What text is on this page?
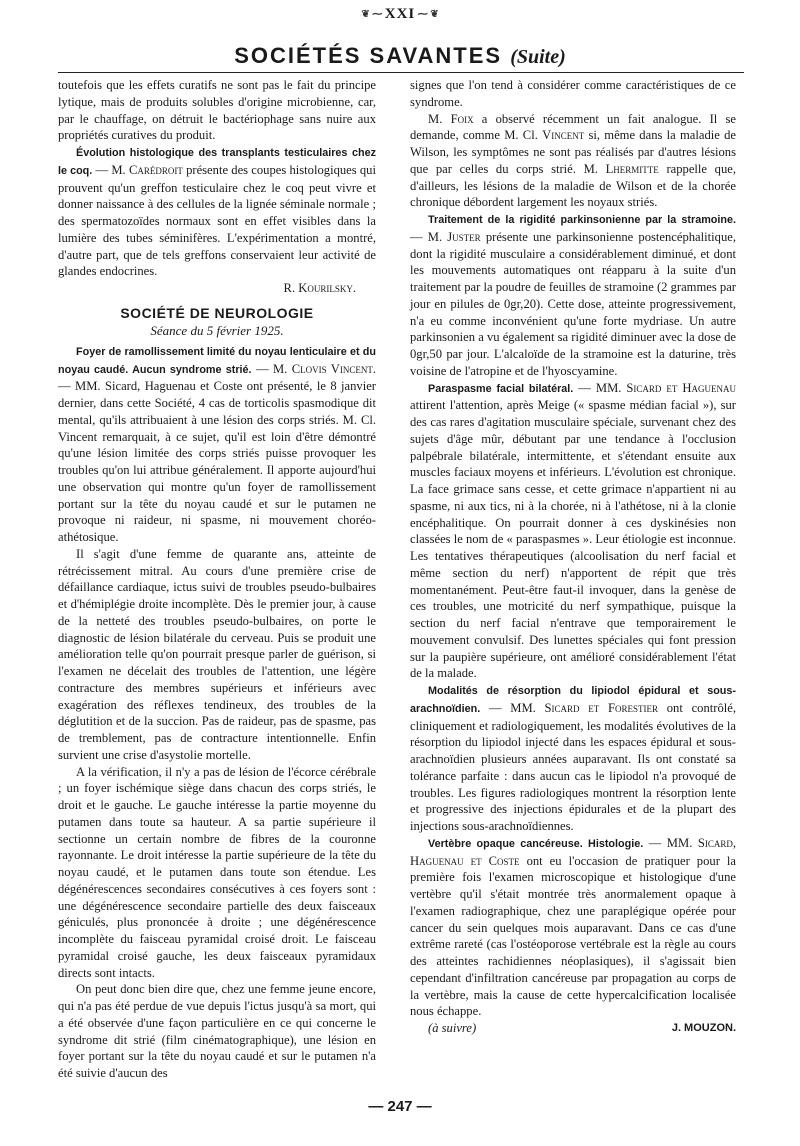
❦ ⁓ XXI ⁓ ❦
SOCIÉTÉS SAVANTES (Suite)

toutefois que les effets curatifs ne sont pas le fait du principe lytique, mais de produits solubles d'origine microbienne, car, par le chauffage, on détruit le bactériophage sans nuire aux propriétés curatives du produit.

Évolution histologique des transplants testiculaires chez le coq. — M. Carédroit présente des coupes histologiques qui prouvent qu'un greffon testiculaire chez le coq peut vivre et donner naissance à des cellules de la lignée séminale normale ; des spermatozoïdes normaux sont en effet visibles dans la lumière des tubes séminifères. L'expérimentation a montré, d'autre part, que de tels greffons conservaient leur activité de glandes endocrines.

R. Kourilsky.

SOCIÉTÉ DE NEUROLOGIE
Séance du 5 février 1925.

Foyer de ramollissement limité du noyau lenticulaire et du noyau caudé. Aucun syndrome strié. — M. Clovis Vincent. — MM. Sicard, Haguenau et Coste ont présenté, le 8 janvier dernier, dans cette Société, 4 cas de torticolis spasmodique dit mental, qu'ils attribuaient à une lésion des corps striés. M. Cl. Vincent remarquait, à ce sujet, qu'il est loin d'être démontré qu'une lésion limitée des corps striés puisse provoquer les troubles qu'on lui attribue généralement. Il apporte aujourd'hui une observation qui montre qu'un foyer de ramollissement portant sur la tête du noyau caudé et sur le putamen ne provoque ni raideur, ni spasme, ni mouvement choréo-athétosique.

Il s'agit d'une femme de quarante ans, atteinte de rétrécissement mitral. Au cours d'une première crise de défaillance cardiaque, ictus suivi de troubles pseudo-bulbaires et d'hémiplégie droite incomplète. Dès le premier jour, à cause de la netteté des troubles pseudo-bulbaires, on porte le diagnostic de lésion bilatérale du cerveau. Puis se produit une amélioration telle qu'on pourrait presque parler de guérison, si l'examen ne décelait des troubles de l'attention, une légère contracture des membres supérieurs et inférieurs avec exagération des réflexes tendineux, des troubles de la déglutition et de la succion. Pas de raideur, pas de spasme, pas de tremblement, pas de contracture intentionnelle. Enfin survient une crise d'asystolie mortelle.

A la vérification, il n'y a pas de lésion de l'écorce cérébrale ; un foyer ischémique siège dans chacun des corps striés, le droit et le gauche. Le gauche intéresse la partie moyenne du putamen dans toute sa hauteur. A sa partie supérieure il sectionne un certain nombre de fibres de la couronne rayonnante. Le droit intéresse la partie supérieure de la tête du noyau caudé, et le putamen dans toute son étendue. Les dégénérescences secondaires consécutives à ces foyers sont : une dégénérescence secondaire partielle des deux faisceaux géniculés, plus prononcée à droite ; une dégénérescence incomplète du faisceau pyramidal croisé droit. Le faisceau pyramidal croisé gauche, les deux faisceaux pyramidaux directs sont intacts.

On peut donc bien dire que, chez une femme jeune encore, qui n'a pas été perdue de vue depuis l'ictus jusqu'à sa mort, qui a été observée d'une façon particulière en ce qui concerne le syndrome dit strié (film cinématographique), une lésion en foyer portant sur la tête du noyau caudé et sur le putamen n'a été suivie d'aucun des

signes que l'on tend à considérer comme caractéristiques de ce syndrome.

M. Foix a observé récemment un fait analogue. Il se demande, comme M. Cl. Vincent si, même dans la maladie de Wilson, les symptômes ne sont pas réalisés par d'autres lésions que par celles du corps strié. M. Lhermitte rappelle que, d'ailleurs, les lésions de la maladie de Wilson et de la chorée chronique débordent largement les noyaux striés.

Traitement de la rigidité parkinsonienne par la stramoine. — M. Juster présente une parkinsonienne postencéphalitique, dont la rigidité musculaire a considérablement diminué, et dont les mouvements automatiques ont réapparu à la suite d'un traitement par la poudre de feuilles de stramoine (2 grammes par jour en pilules de 0gr,20). Cette dose, atteinte progressivement, n'a eu comme inconvénient qu'une forte mydriase. Un autre parkinsonien a vu également sa rigidité diminuer avec la dose de 0gr,50 par jour. L'alcaloïde de la stramoine est la daturine, très voisine de l'atropine et de l'hyoscyamine.

Paraspasme facial bilatéral. — MM. Sicard et Haguenau attirent l'attention, après Meige (« spasme médian facial »), sur des cas rares d'agitation musculaire spéciale, survenant chez des sujets d'âge mûr, débutant par une tendance à l'occlusion palpébrale bilatérale, intermittente, et s'étendant ensuite aux muscles faciaux moyens et inférieurs. L'évolution est chronique. La face grimace sans cesse, et cette grimace n'appartient ni au spasme, ni aux tics, ni à la chorée, ni à l'athétose, ni à la clonie encéphalitique. On pourrait donner à ces dyskinésies non classées le nom de « paraspasmes ». Leur étiologie est inconnue. Les tentatives thérapeutiques (alcoolisation du nerf facial et même section du nerf) n'apportent de répit que très momentanément. Peut-être faut-il invoquer, dans la genèse de ces troubles, une motricité du nerf sympathique, puisque la section du nerf facial n'entrave que temporairement le mouvement convulsif. Des lunettes spéciales qui font pression sur la paupière supérieure, ont amélioré considérablement l'état de la malade.

Modalités de résorption du lipiodol épidural et sous-arachnoïdien. — MM. Sicard et Forestier ont contrôlé, cliniquement et radiologiquement, les modalités évolutives de la résorption du lipiodol injecté dans les espaces épidural et sous-arachnoïdien plusieurs années auparavant. Ils ont constaté sa tolérance parfaite : dans aucun cas le lipiodol n'a provoqué de troubles. Les figures radiologiques montrent la résorption lente et progressive des injections épidurales et de la plupart des injections sous-arachnoïdiennes.

Vertèbre opaque cancéreuse. Histologie. — MM. Sicard, Haguenau et Coste ont eu l'occasion de pratiquer pour la première fois l'examen microscopique et histologique d'une vertèbre qu'il s'était montrée très anormalement opaque à l'examen radiographique, chez une paraplégique opérée pour cancer du sein quelques mois auparavant. Dans ce cas d'une extrême rareté (cas l'ostéoporose vertébrale est la règle au cours des atteintes rachidiennes néoplasiques), il s'agissait bien cependant d'infiltration cancéreuse par propagation au corps de la vertèbre, mais la cause de cette hypercalcification localisée nous échappe.

(à suivre)	J. MOUZON.
— 247 —
